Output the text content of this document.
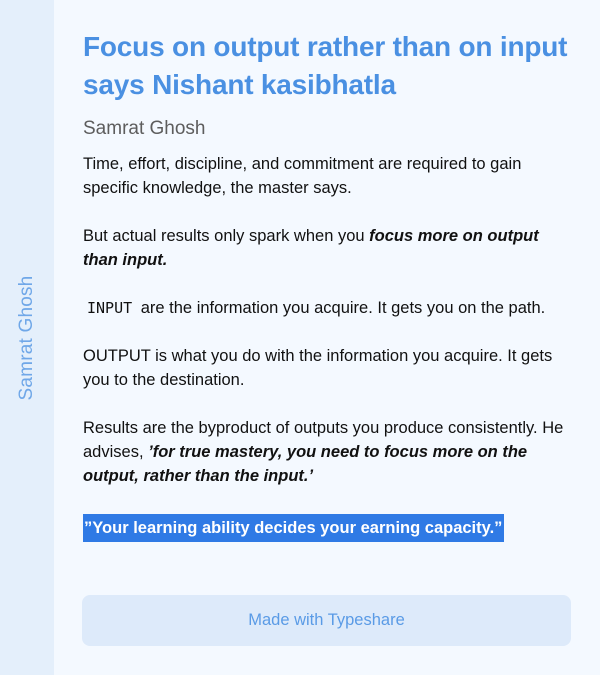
Samrat Ghosh
Focus on output rather than on input says Nishant kasibhatla
Samrat Ghosh

Time, effort, discipline, and commitment are required to gain specific knowledge, the master says.

But actual results only spark when you focus more on output than input.

INPUT are the information you acquire. It gets you on the path.

OUTPUT is what you do with the information you acquire. It gets you to the destination.

Results are the byproduct of outputs you produce consistently. He advises, ’for true mastery, you need to focus more on the output, rather than the input.’

”Your learning ability decides your earning capacity.”
Made with Typeshare
